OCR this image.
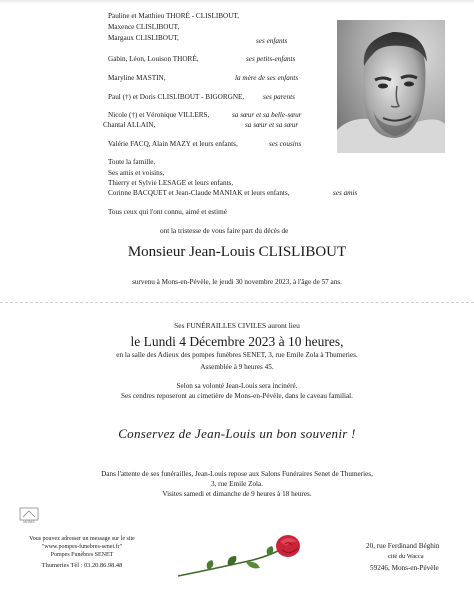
Pauline et Matthieu THORÉ - CLISLIBOUT,
Maxence CLISLIBOUT,
Margaux CLISLIBOUT,	ses enfants
Gabin, Léon, Louison THORÉ,	ses petits-enfants
Maryline MASTIN,	la mère de ses enfants
Paul (†) et Doris CLISLIBOUT - BIGORGNE,	ses parents
Nicole (†) et Véronique VILLERS,	sa sœur et sa belle-sœur
Chantal ALLAIN,	sa sœur et sa sœur
Valérie FACQ, Alain MAZY et leurs enfants,	ses cousins
Toute la famille,
Ses amis et voisins,
Thierry et Sylvie LESAGE et leurs enfants,
Corinne BACQUET et Jean-Claude MANIAK et leurs enfants,	ses amis
Tous ceux qui l'ont connu, aimé et estimé
ont la tristesse de vous faire part du décès de
Monsieur Jean-Louis CLISLIBOUT
survenu à Mons-en-Pévèle, le jeudi 30 novembre 2023, à l'âge de 57 ans.
Ses FUNÉRAILLES CIVILES auront lieu
le Lundi 4 Décembre 2023 à 10 heures,
en la salle des Adieux des pompes funèbres SENET, 3, rue Emile Zola à Thumeries.
Assemblée à 9 heures 45.
Selon sa volonté Jean-Louis sera incinéré.
Ses cendres reposeront au cimetière de Mons-en-Pévèle, dans le caveau familial.
Conservez de Jean-Louis un bon souvenir !
Dans l'attente de ses funérailles, Jean-Louis repose aux Salons Funéraires Senet de Thumeries,
3, rue Emile Zola.
Visites samedi et dimanche de 9 heures à 18 heures.
MONIS
Vous pouvez adresser un message sur le site
"www.pompes-funebres-senet.fr"
Pompes Funèbres SENET
Thumeries Tél : 03.20.86.98.48
20, rue Ferdinand Béghin
cité du Wacca
59246, Mons-en-Pévèle
